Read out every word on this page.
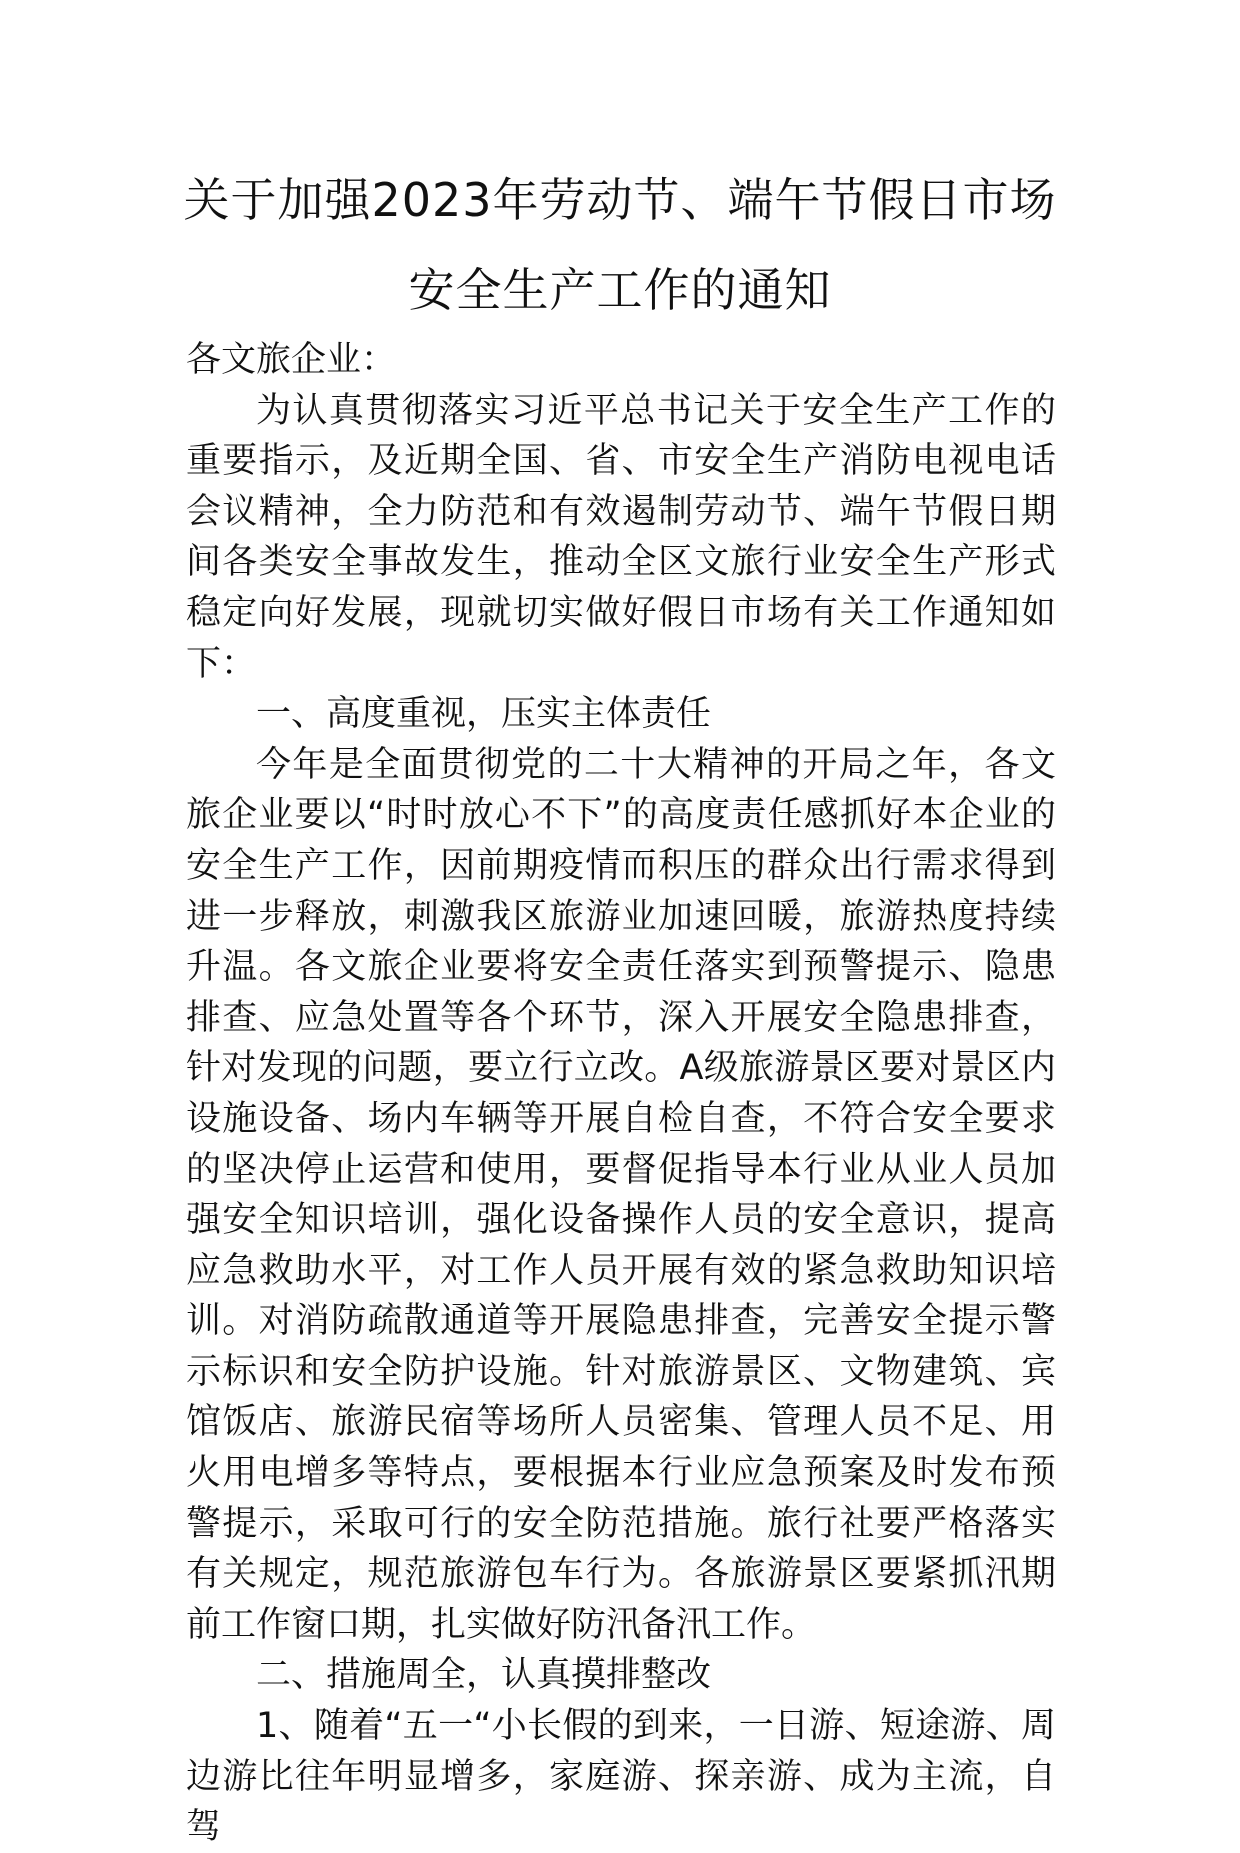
关于加强2023年劳动节、端午节假日市场
安全生产工作的通知

各文旅企业：

为认真贯彻落实习近平总书记关于安全生产工作的重要指示，及近期全国、省、市安全生产消防电视电话会议精神，全力防范和有效遏制劳动节、端午节假日期间各类安全事故发生，推动全区文旅行业安全生产形式稳定向好发展，现就切实做好假日市场有关工作通知如下：

一、高度重视，压实主体责任

今年是全面贯彻党的二十大精神的开局之年，各文旅企业要以“时时放心不下”的高度责任感抓好本企业的安全生产工作，因前期疫情而积压的群众出行需求得到进一步释放，刺激我区旅游业加速回暖，旅游热度持续升温。各文旅企业要将安全责任落实到预警提示、隐患排查、应急处置等各个环节，深入开展安全隐患排查，针对发现的问题，要立行立改。A级旅游景区要对景区内设施设备、场内车辆等开展自检自查，不符合安全要求的坚决停止运营和使用，要督促指导本行业从业人员加强安全知识培训，强化设备操作人员的安全意识，提高应急救助水平，对工作人员开展有效的紧急救助知识培训。对消防疏散通道等开展隐患排查，完善安全提示警示标识和安全防护设施。针对旅游景区、文物建筑、宾馆饭店、旅游民宿等场所人员密集、管理人员不足、用火用电增多等特点，要根据本行业应急预案及时发布预警提示，采取可行的安全防范措施。旅行社要严格落实有关规定，规范旅游包车行为。各旅游景区要紧抓汛期前工作窗口期，扎实做好防汛备汛工作。

二、措施周全，认真摸排整改

1、随着“五一“小长假的到来，一日游、短途游、周边游比往年明显增多，家庭游、探亲游、成为主流，自驾
